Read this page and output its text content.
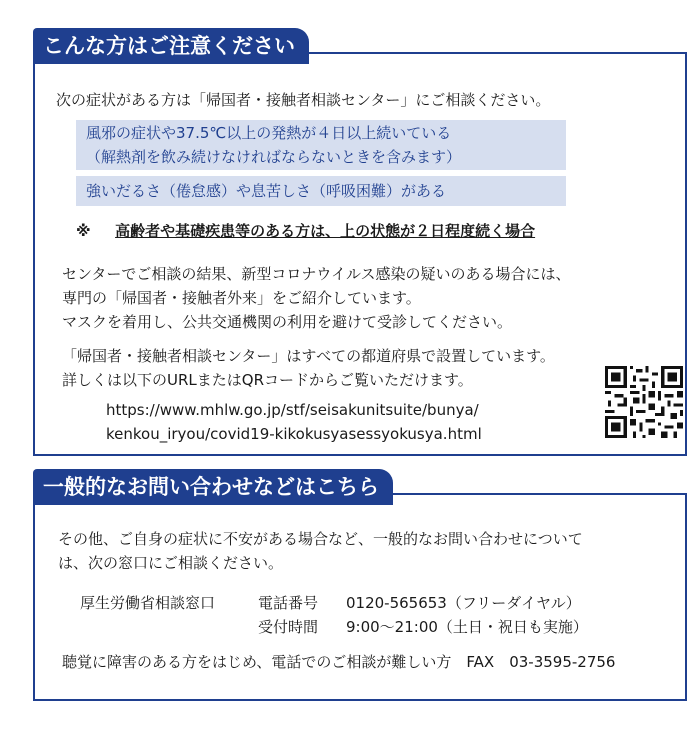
こんな方はご注意ください
次の症状がある方は「帰国者・接触者相談センター」にご相談ください。
風邪の症状や37.5℃以上の発熱が４日以上続いている
（解熱剤を飲み続けなければならないときを含みます）
強いだるさ（倦怠感）や息苦しさ（呼吸困難）がある
※ 高齢者や基礎疾患等のある方は、上の状態が２日程度続く場合
センターでご相談の結果、新型コロナウイルス感染の疑いのある場合には、
専門の「帰国者・接触者外来」をご紹介しています。
マスクを着用し、公共交通機関の利用を避けて受診してください。
「帰国者・接触者相談センター」はすべての都道府県で設置しています。
詳しくは以下のURLまたはQRコードからご覧いただけます。
https://www.mhlw.go.jp/stf/seisakunitsuite/bunya/
kenkou_iryou/covid19-kikokusyasessyokusya.html
一般的なお問い合わせなどはこちら
その他、ご自身の症状に不安がある場合など、一般的なお問い合わせについて
は、次の窓口にご相談ください。
厚生労働省相談窓口	電話番号 0120-565653（フリーダイヤル）
受付時間 9:00～21:00（土日・祝日も実施）
聴覚に障害のある方をはじめ、電話でのご相談が難しい方　FAX　03-3595-2756
